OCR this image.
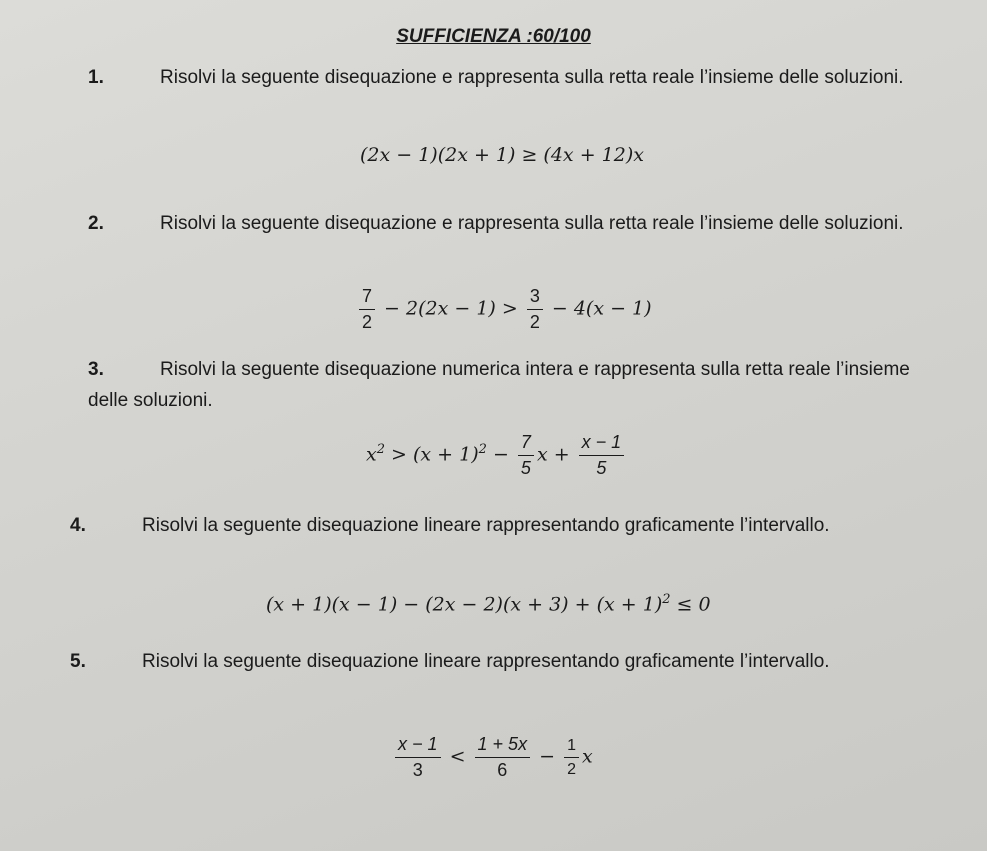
SUFFICIENZA :60/100

1.	Risolvi la seguente disequazione e rappresenta sulla retta reale l’insieme delle soluzioni.

(2x − 1)(2x + 1) ≥ (4x + 12)x

2.	Risolvi la seguente disequazione e rappresenta sulla retta reale l’insieme delle soluzioni.

$\frac{7}{2} - 2(2x - 1) > \frac{3}{2} - 4(x - 1)$

3.	Risolvi la seguente disequazione numerica intera e rappresenta sulla retta reale l’insieme delle soluzioni.

$x^2 > (x + 1)^2 - \frac{7}{5}$ $x + \frac{x - 1}{5}$

4.	Risolvi la seguente disequazione lineare rappresentando graficamente l’intervallo.

$(x + 1)(x - 1) - (2x - 2)(x + 3) + (x + 1)^2 \le 0$

5.	Risolvi la seguente disequazione lineare rappresentando graficamente l’intervallo.

$\frac{x - 1}{3} < \frac{1 + 5x}{6} - \frac{1}{2}$ x
